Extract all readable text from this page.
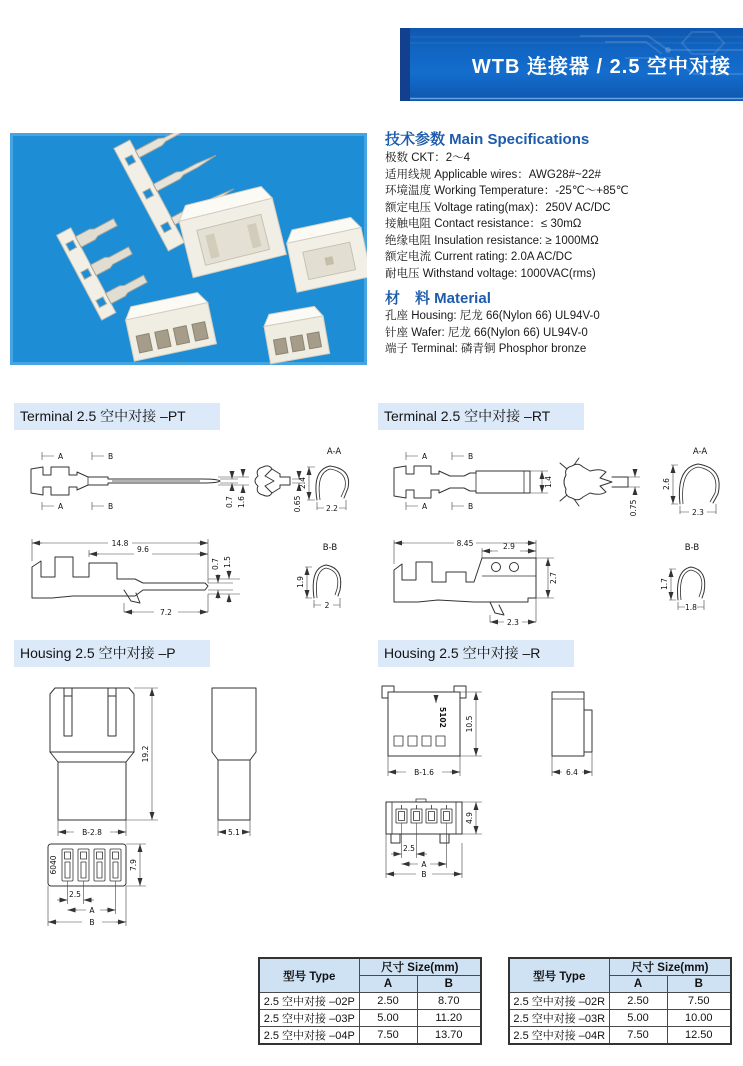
WTB 连接器 / 2.5 空中对接
技术参数 Main Specifications
极数 CKT：2～4
适用线规 Applicable wires：AWG28#~22#
环境温度 Working Temperature：-25℃～+85℃
额定电压 Voltage rating(max)：250V AC/DC
接触电阻 Contact resistance：≤ 30mΩ
绝缘电阻 Insulation resistance: ≥ 1000MΩ
额定电流 Current rating: 2.0A AC/DC
耐电压 Withstand voltage: 1000VAC(rms)
材　料 Material
孔座 Housing: 尼龙 66(Nylon 66) UL94V-0
针座 Wafer: 尼龙 66(Nylon 66) UL94V-0
端子 Terminal: 磷青铜 Phosphor bronze
Terminal 2.5 空中对接 –PT	Terminal 2.5 空中对接 –RT
Housing 2.5 空中对接 –P	Housing 2.5 空中对接 –R
A	B
A	B	0.7 1.6	0.65
A-A
2.4
2.2
14.8
9.6
0.7 1.5
7.2
B-B
1.9
2
A	B
A	B
1.4
0.75
A-A
2.6
2.3
8.45	2.9
2.7
2.3
B-B
1.7
1.8
19.2
B-2.8	5.1
6040	7.9
2.5
A
B
5102 10.5
B-1.6	6.4
4.9
2.5
A
B
型号 Type	尺寸 Size(mm)	
	A	B
2.5 空中对接 –02P	2.50	8.70
2.5 空中对接 –03P	5.00	11.20
2.5 空中对接 –04P	7.50	13.70
型号 Type	尺寸 Size(mm)	
	A	B
2.5 空中对接 –02R	2.50	7.50
2.5 空中对接 –03R	5.00	10.00
2.5 空中对接 –04R	7.50	12.50
